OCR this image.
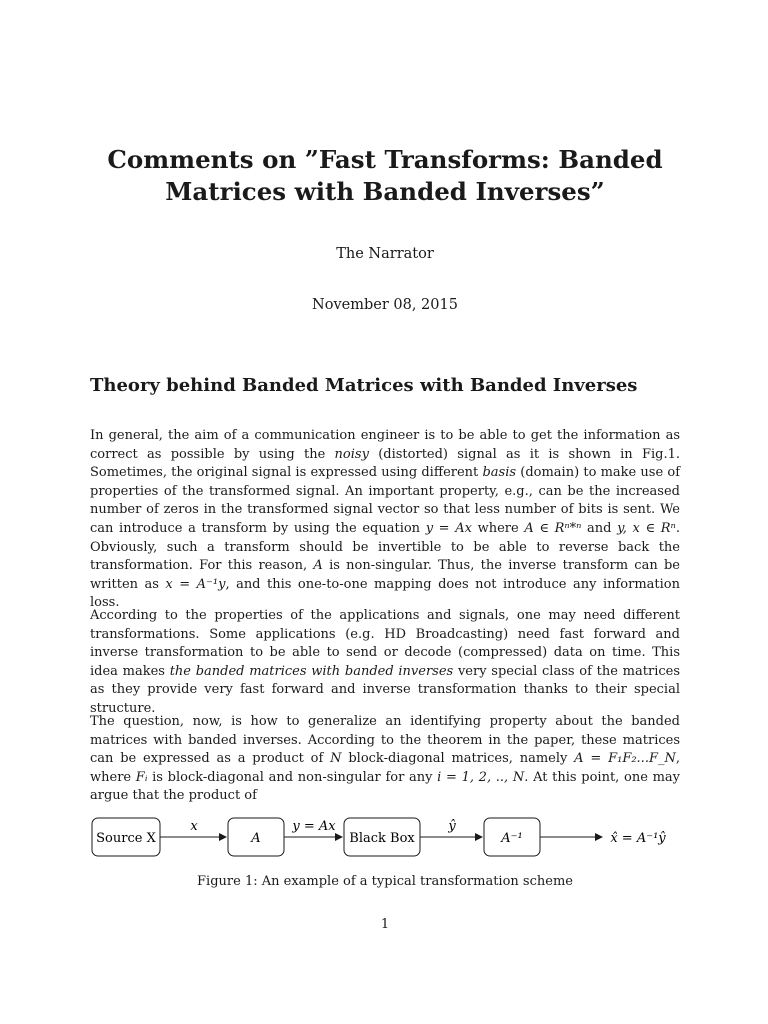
Comments on ”Fast Transforms: Banded
Matrices with Banded Inverses”
The Narrator
November 08, 2015
Theory behind Banded Matrices with Banded Inverses

In general, the aim of a communication engineer is to be able to get the information as correct as possible by using the noisy (distorted) signal as it is shown in Fig.1. Sometimes, the original signal is expressed using different basis (domain) to make use of properties of the transformed signal. An important property, e.g., can be the increased number of zeros in the transformed signal vector so that less number of bits is sent. We can introduce a transform by using the equation y = Ax where A ∈ Rⁿ*ⁿ and y, x ∈ Rⁿ. Obviously, such a transform should be invertible to be able to reverse back the transformation. For this reason, A is non-singular. Thus, the inverse transform can be written as x = A⁻¹y, and this one-to-one mapping does not introduce any information loss.

According to the properties of the applications and signals, one may need different transformations. Some applications (e.g. HD Broadcasting) need fast forward and inverse transformation to be able to send or decode (compressed) data on time. This idea makes the banded matrices with banded inverses very special class of the matrices as they provide very fast forward and inverse transformation thanks to their special structure.

The question, now, is how to generalize an identifying property about the banded matrices with banded inverses. According to the theorem in the paper, these matrices can be expressed as a product of N block-diagonal matrices, namely A = F₁F₂...F_N, where Fᵢ is block-diagonal and non-singular for any i = 1, 2, .., N. At this point, one may argue that the product of

Source X
x
A
y = Ax
Black Box
ŷ
A⁻¹	x̂ = A⁻¹ŷ
Figure 1: An example of a typical transformation scheme
1
